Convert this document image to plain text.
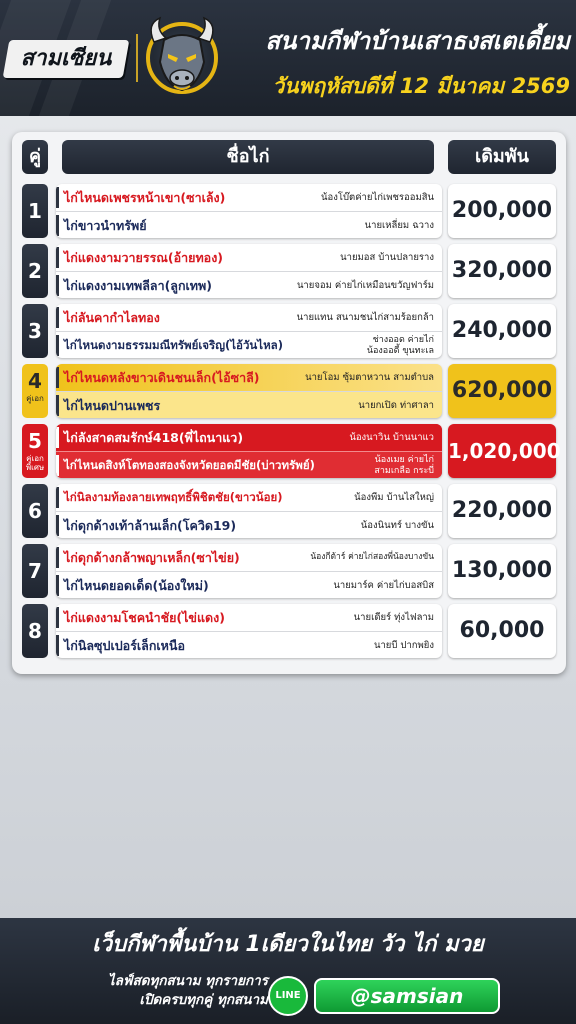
สามเซียน
สนามกีฬาบ้านเสาธงสเตเดี้ยม
วันพฤหัสบดีที่ 12 มีนาคม 2569
คู่	ชื่อไก่	เดิมพัน
1
ไก่ไหนดเพชรหน้าเขา(ซาเล้ง)	น้องโบ๊ตค่ายไก่เพชรออมสิน
ไก่ขาวนำทรัพย์	นายเหลี่ยม ฉวาง
200,000
2
ไก่แดงงามวายรรณ(อ้ายทอง)	นายมอส บ้านปลายราง
ไก่แดงงามเทพลีลา(ลูกเทพ)	นายจอม ค่ายไก่เหมือนขวัญฟาร์ม
320,000
3
ไก่ลันคากำไลทอง	นายแทน สนามชนไก่สามร้อยกล้า
ไก่ไหนดงามธรรมมณีทรัพย์เจริญ(ไอ้วันไหล)	ช่างออด ค่ายไก่
น้องออดี้ ขุนทะเล
240,000
4
คู่เอก
ไก่ไหนดหลังขาวเดินชนเล็ก(ไอ้ซาลี)	นายโอม ซุ้มตาหวาน สามตำบล
ไก่ไหนดปานเพชร	นายกเปิด ท่าศาลา
620,000
5
คู่เอก
พิเศษ
ไก่ลังสาดสมรักษ์418(พี่ไถนาแว)	น้องนาวิน บ้านนาแว
ไก่ไหนดสิงห์โตทองสองจังหวัดยอดมีชัย(บ่าวทรัพย์)	น้องเมย ค่ายไก่
สามเกลือ กระบี่
1,020,000
6
ไก่นิลงามท้องลายเทพฤทธิ์พิชิตชัย(ขาวน้อย)	น้องพีม บ้านไสใหญ่
ไก่ดุกด้างเท้าล้านเล็ก(โควิด19)	น้องนินทร์ บางขัน
220,000
7
ไก่ดุกด้างกล้าพญาเหล็ก(ซาไข่ย)	น้องกีต้าร์ ค่ายไก่สองพี่น้องบางขัน
ไก่ไหนดยอดเด็ด(น้องใหม่)	นายมาร์ค ค่ายไก่บอสบิส
130,000
8
ไก่แดงงามโชคนำชัย(ไข่แดง)	นายเดียร์ ทุ่งไฟลาม
ไก่นิลซุปเปอร์เล็กเหนือ	นายบี ปากพยิง
60,000
เว็บกีฬาพื้นบ้าน 1เดียวในไทย วัว ไก่ มวย
ไลฟ์สดทุกสนาม ทุกรายการ
เปิดครบทุกคู่ ทุกสนาม LINE	@samsian
